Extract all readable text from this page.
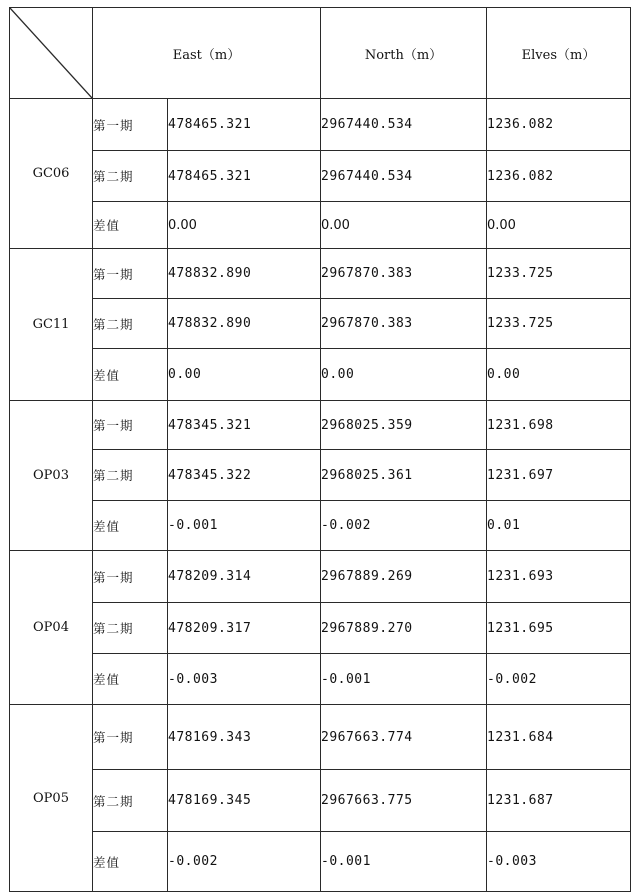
	East（m）		North（m）	Elves（m）
GC06	第一期	478465.321	2967440.534	1236.082
	第二期	478465.321	2967440.534	1236.082
	差值	0.00	0.00	0.00
GC11	第一期	478832.890	2967870.383	1233.725
	第二期	478832.890	2967870.383	1233.725
	差值	0.00	0.00	0.00
OP03	第一期	478345.321	2968025.359	1231.698
	第二期	478345.322	2968025.361	1231.697
	差值	-0.001	-0.002	0.01
OP04	第一期	478209.314	2967889.269	1231.693
	第二期	478209.317	2967889.270	1231.695
	差值	-0.003	-0.001	-0.002
OP05	第一期	478169.343	2967663.774	1231.684
	第二期	478169.345	2967663.775	1231.687
	差值	-0.002	-0.001	-0.003
